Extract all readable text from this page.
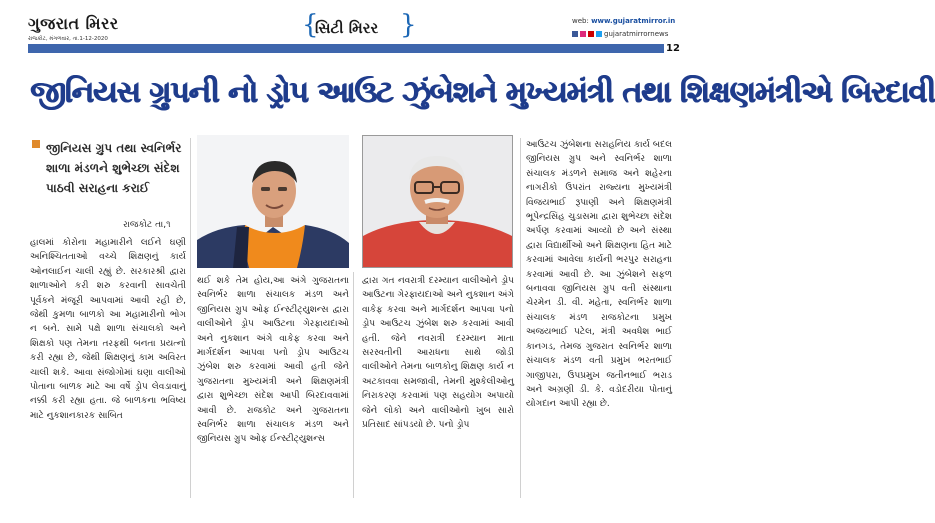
ગુજરાત મિરર
રાજકોટ, મંગળવાર, તા.1-12-2020	{
સિટી મિરર }	web: www.gujaratmirror.in
gujaratmirrornews
12
જીનિયસ ગ્રુપની નો ડ્રોપ આઉટ ઝુંબેશને મુખ્યમંત્રી તથા શિક્ષણમંત્રીએ બિરદાવી
જીનિયસ ગ્રુપ તથા સ્વનિર્ભર શાળા મંડળને શુભેચ્છા સંદેશ પાઠવી સરાહના કરાઈ
રાજકોટ તા,૧

હાલમાં કોરોના મહામારીને લઈને ઘણી અનિશ્ચિતતાઓ વચ્ચે શિક્ષણનું કાર્ય ઓનલાઈન ચાલી રહ્યું છે. સરકારશ્રી દ્વારા શાળાઓને કરી શરુ કરવાની સાવચેતી પૂર્વકને મંજૂરી આપવામાં આવી રહી છે, જેથી કુમળા બાળકો આ મહામારીનો ભોગ ન બને. સામે પક્ષે શાળા સંચાલકો અને શિક્ષકો પણ તેમના તરફથી બનતા પ્રયત્નો કરી રહ્યા છે, જેથી શિક્ષણનું કામ અવિરત ચાલી શકે. આવા સંજોગોમાં ઘણા વાલીઓ પોતાના બાળક માટે આ વર્ષે ડ્રોપ લેવડાવાનું નક્કી કરી રહ્યા હતા. જે બાળકના ભવિષ્ય માટે નુકશાનકારક સાબિત

થઈ શકે તેમ હોય,આ અંગે ગુજરાતના સ્વનિર્ભર શાળા સંચાલક મંડળ અને જીનિયસ ગ્રુપ ઓફ ઈન્સ્ટીટ્યુશન્સ દ્વારા વાલીઓને ડ્રોપ આઉટના ગેરફાયદાઓ અને નુકશાન અંગે વાકેફ કરવા અને માર્ગદર્શન આપવા પનો ડ્રોપ આઉટચ ઝુંબેશ શરુ કરવામાં આવી હતી જેને ગુજરાતના મુખ્યમંત્રી અને શિક્ષણમંત્રી દ્વારા શુભેચ્છા સંદેશ આપી બિરદાવવામાં આવી છે. રાજકોટ અને ગુજરાતના સ્વનિર્ભર શાળા સંચાલક મંડળ અને જીનિયસ ગ્રુપ ઓફ ઈન્સ્ટીટ્યુશન્સ

દ્વારા ગત નવરાત્રી દરમ્યાન વાલીઓને ડ્રોપ આઉટના ગેરફાયદાઓ અને નુકશાન અંગે વાકેફ કરવા અને માર્ગદર્શન આપવા પનો ડ્રોપ આઉટચ ઝુંબેશ શરુ કરવામાં આવી હતી. જેને નવરાત્રી દરમ્યાન માતા સરસ્વતીની આરાધના સાથે જોડી વાલીઓને તેમના બાળકોનુ શિક્ષણ કાર્ય ન અટકાવવા સમજાવી, તેમની મુશ્કેલીઓનુ નિરાકરણ કરવામાં પણ સહયોગ અપાયો જેને લોકો અને વાલીઓનો ખુબ સારો પ્રતિસાદ સાંપડયો છે. પનો ડ્રોપ

આઉટચ ઝુંબેશના સરાહનિય કાર્ય બદલ જીનિયસ ગ્રુપ અને સ્વનિર્ભર શાળા સંચાલક મંડળને સમાજ અને શહેરના નાગરીકો ઉપરાંત રાજ્યના મુખ્યમંત્રી વિજયભાઈ રૂપાણી અને શિક્ષણમંત્રી ભૂપેન્દ્રસિંહ ચુડાસમા દ્વારા શુભેચ્છા સંદેશ અર્પણ કરવામાં આવ્યો છે અને સંસ્થા દ્વારા વિદ્યાર્થીઓ અને શિક્ષણના હિત માટે કરવામાં આવેલા કાર્યની ભરપુર સરાહના કરવામાં આવી છે. આ ઝુંબેશને સફળ બનાવવા જીનિયસ ગ્રુપ વતી સંસ્થાના ચેરમેન ડી. વી. મહેતા, સ્વનિર્ભર શાળા સંચાલક મંડળ રાજકોટના પ્રમુખ અજયભાઈ પટેલ, મંત્રી અવધેશ ભાઈ કાનગડ, તેમજ ગુજરાત સ્વનિર્ભર શાળા સંચાલક મંડળ વતી પ્રમુખ ભરતભાઈ ગાજીપરા, ઉપપ્રમુખ જતીનભાઈ ભરાડ અને અગ્રણી ડી. કે. વડોદરીયા પોતાનું યોગદાન આપી રહ્યા છે.
